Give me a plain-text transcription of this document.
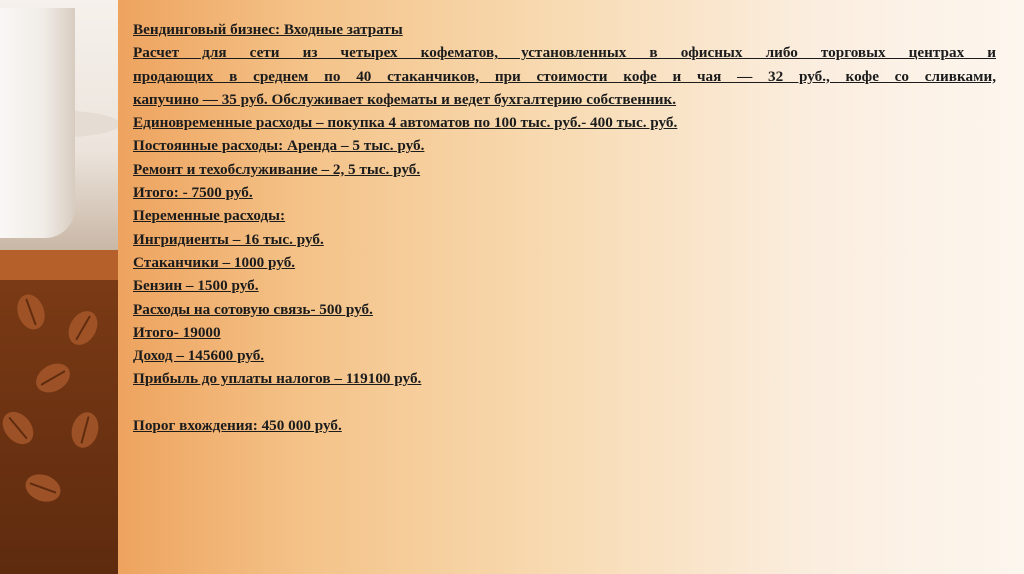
Вендинговый бизнес: Входные затраты
Расчет для сети из четырех кофематов, установленных в офисных либо торговых центрах и
продающих в среднем по 40 стаканчиков, при стоимости кофе и чая — 32 руб., кофе со сливками,
капучино — 35 руб. Обслуживает кофематы и ведет бухгалтерию собственник.
Единовременные расходы – покупка 4 автоматов по 100 тыс. руб.- 400 тыс. руб.
Постоянные расходы: Аренда – 5 тыс. руб.
Ремонт и техобслуживание – 2, 5 тыс. руб.
Итого: - 7500 руб.
Переменные расходы:
Ингридиенты – 16 тыс. руб.
Стаканчики – 1000 руб.
Бензин – 1500 руб.
Расходы на сотовую связь- 500 руб.
Итого- 19000
Доход – 145600 руб.
Прибыль до уплаты налогов – 119100 руб.
Порог вхождения: 450 000 руб.
